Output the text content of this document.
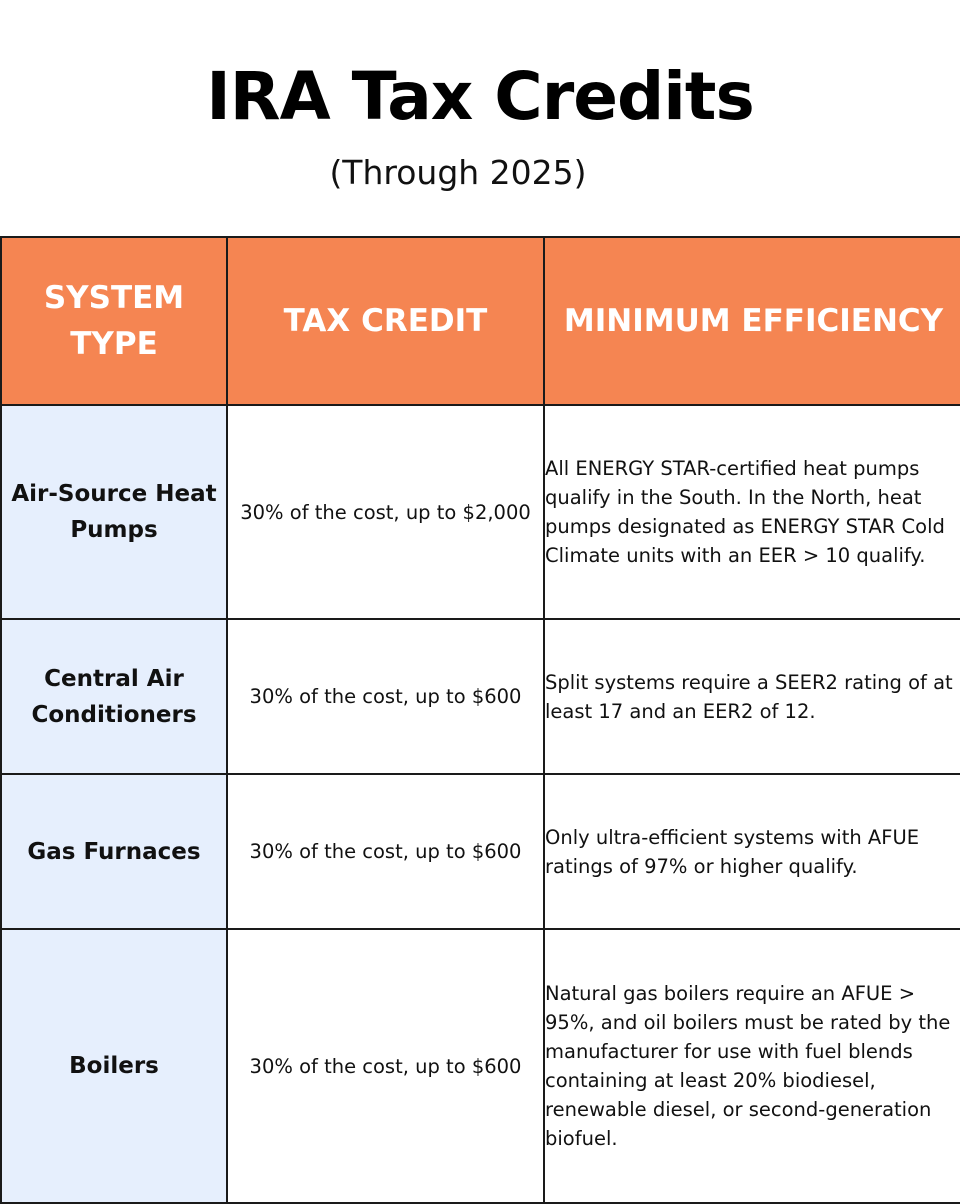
IRA Tax Credits
(Through 2025)
SYSTEM TYPE	TAX CREDIT	MINIMUM EFFICIENCY
Air-Source Heat Pumps	30% of the cost, up to $2,000	All ENERGY STAR-certified heat pumps qualify in the South. In the North, heat pumps designated as ENERGY STAR Cold Climate units with an EER > 10 qualify.
Central Air Conditioners	30% of the cost, up to $600	Split systems require a SEER2 rating of at least 17 and an EER2 of 12.
Gas Furnaces	30% of the cost, up to $600	Only ultra-efficient systems with AFUE ratings of 97% or higher qualify.
Boilers	30% of the cost, up to $600	Natural gas boilers require an AFUE > 95%, and oil boilers must be rated by the manufacturer for use with fuel blends containing at least 20% biodiesel, renewable diesel, or second-generation biofuel.
